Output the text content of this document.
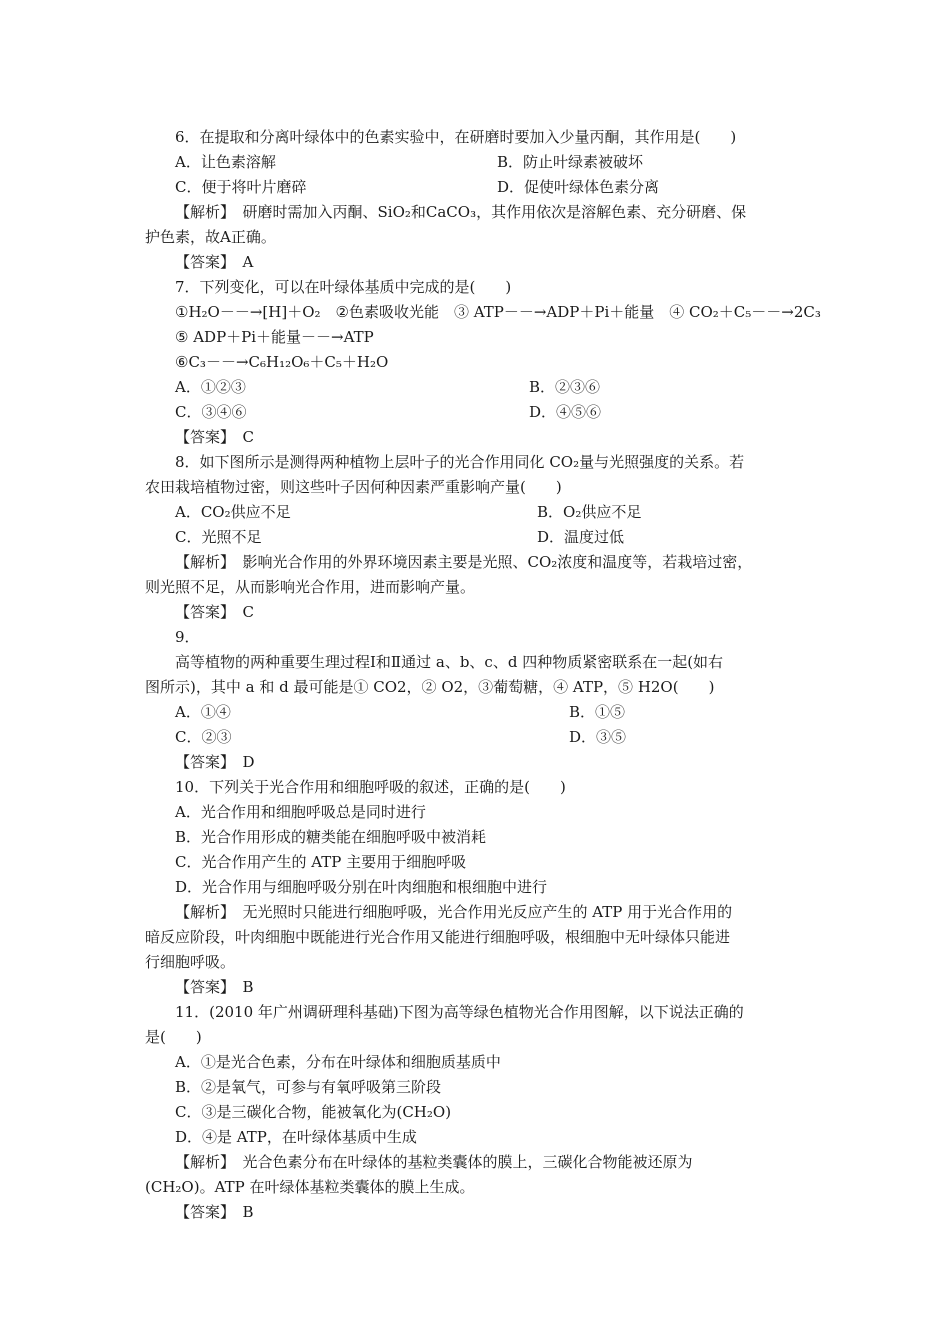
6．在提取和分离叶绿体中的色素实验中，在研磨时要加入少量丙酮，其作用是(　　)
A．让色素溶解	B．防止叶绿素被破坏
C．便于将叶片磨碎	D．促使叶绿体色素分离
【解析】　研磨时需加入丙酮、SiO₂和CaCO₃，其作用依次是溶解色素、充分研磨、保
护色素，故A正确。
【答案】　A
7．下列变化，可以在叶绿体基质中完成的是(　　)
①H₂O－－→[H]＋O₂　②色素吸收光能　③ ATP－－→ADP＋Pi＋能量　④ CO₂＋C₅－－→2C₃
⑤ ADP＋Pi＋能量－－→ATP
⑥C₃－－→C₆H₁₂O₆＋C₅＋H₂O
A．①②③	B．②③⑥
C．③④⑥	D．④⑤⑥
【答案】　C
8．如下图所示是测得两种植物上层叶子的光合作用同化 CO₂量与光照强度的关系。若
农田栽培植物过密，则这些叶子因何种因素严重影响产量(　　)
A．CO₂供应不足	B．O₂供应不足
C．光照不足	D．温度过低
【解析】　影响光合作用的外界环境因素主要是光照、CO₂浓度和温度等，若栽培过密，
则光照不足，从而影响光合作用，进而影响产量。
【答案】　C
9．
高等植物的两种重要生理过程Ⅰ和Ⅱ通过 a、b、c、d 四种物质紧密联系在一起(如右
图所示)，其中 a 和 d 最可能是① CO2，② O2，③葡萄糖，④ ATP，⑤ H2O(　　)
A．①④	B．①⑤
C．②③	D．③⑤
【答案】　D
10．下列关于光合作用和细胞呼吸的叙述，正确的是(　　)
A．光合作用和细胞呼吸总是同时进行
B．光合作用形成的糖类能在细胞呼吸中被消耗
C．光合作用产生的 ATP 主要用于细胞呼吸
D．光合作用与细胞呼吸分别在叶肉细胞和根细胞中进行
【解析】　无光照时只能进行细胞呼吸，光合作用光反应产生的 ATP 用于光合作用的
暗反应阶段，叶肉细胞中既能进行光合作用又能进行细胞呼吸，根细胞中无叶绿体只能进
行细胞呼吸。
【答案】　B
11．(2010 年广州调研理科基础)下图为高等绿色植物光合作用图解，以下说法正确的
是(　　)
A．①是光合色素，分布在叶绿体和细胞质基质中
B．②是氧气，可参与有氧呼吸第三阶段
C．③是三碳化合物，能被氧化为(CH₂O)
D．④是 ATP，在叶绿体基质中生成
【解析】　光合色素分布在叶绿体的基粒类囊体的膜上，三碳化合物能被还原为
(CH₂O)。ATP 在叶绿体基粒类囊体的膜上生成。
【答案】　B
